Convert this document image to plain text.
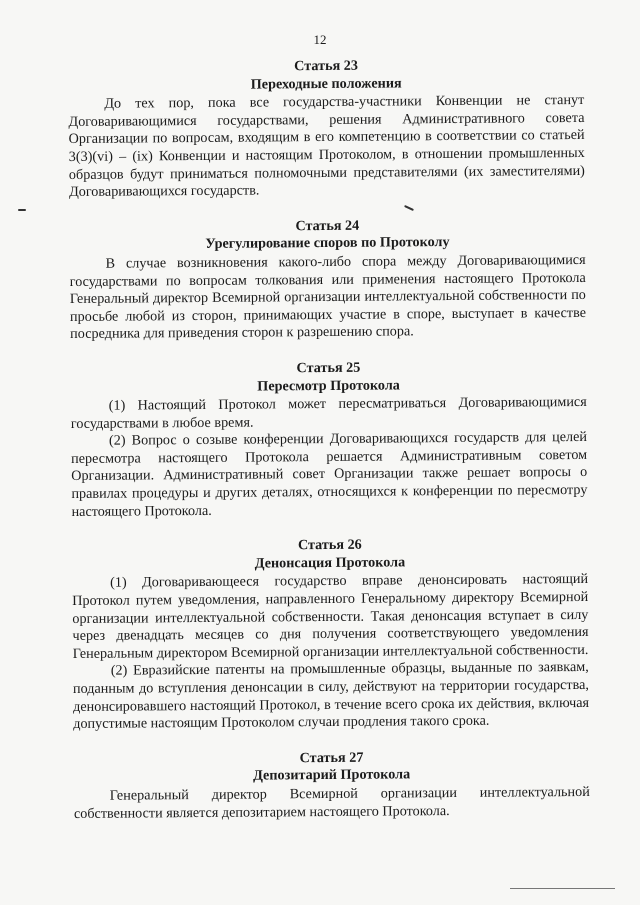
12

Статья 23

Переходные положения

До тех пор, пока все государства-участники Конвенции не станут Договаривающимися государствами, решения Административного совета Организации по вопросам, входящим в его компетенцию в соответствии со статьей 3(3)(vi) – (ix) Конвенции и настоящим Протоколом, в отношении промышленных образцов будут приниматься полномочными представителями (их заместителями) Договаривающихся государств.

Статья 24

Урегулирование споров по Протоколу

В случае возникновения какого-либо спора между Договаривающимися государствами по вопросам толкования или применения настоящего Протокола Генеральный директор Всемирной организации интеллектуальной собственности по просьбе любой из сторон, принимающих участие в споре, выступает в качестве посредника для приведения сторон к разрешению спора.

Статья 25

Пересмотр Протокола

(1) Настоящий Протокол может пересматриваться Договаривающимися государствами в любое время.

(2) Вопрос о созыве конференции Договаривающихся государств для целей пересмотра настоящего Протокола решается Административным советом Организации. Административный совет Организации также решает вопросы о правилах процедуры и других деталях, относящихся к конференции по пересмотру настоящего Протокола.

Статья 26

Денонсация Протокола

(1) Договаривающееся государство вправе денонсировать настоящий Протокол путем уведомления, направленного Генеральному директору Всемирной организации интеллектуальной собственности. Такая денонсация вступает в силу через двенадцать месяцев со дня получения соответствующего уведомления Генеральным директором Всемирной организации интеллектуальной собственности.

(2) Евразийские патенты на промышленные образцы, выданные по заявкам, поданным до вступления денонсации в силу, действуют на территории государства, денонсировавшего настоящий Протокол, в течение всего срока их действия, включая допустимые настоящим Протоколом случаи продления такого срока.

Статья 27

Депозитарий Протокола

Генеральный директор Всемирной организации интеллектуальной собственности является депозитарием настоящего Протокола.
